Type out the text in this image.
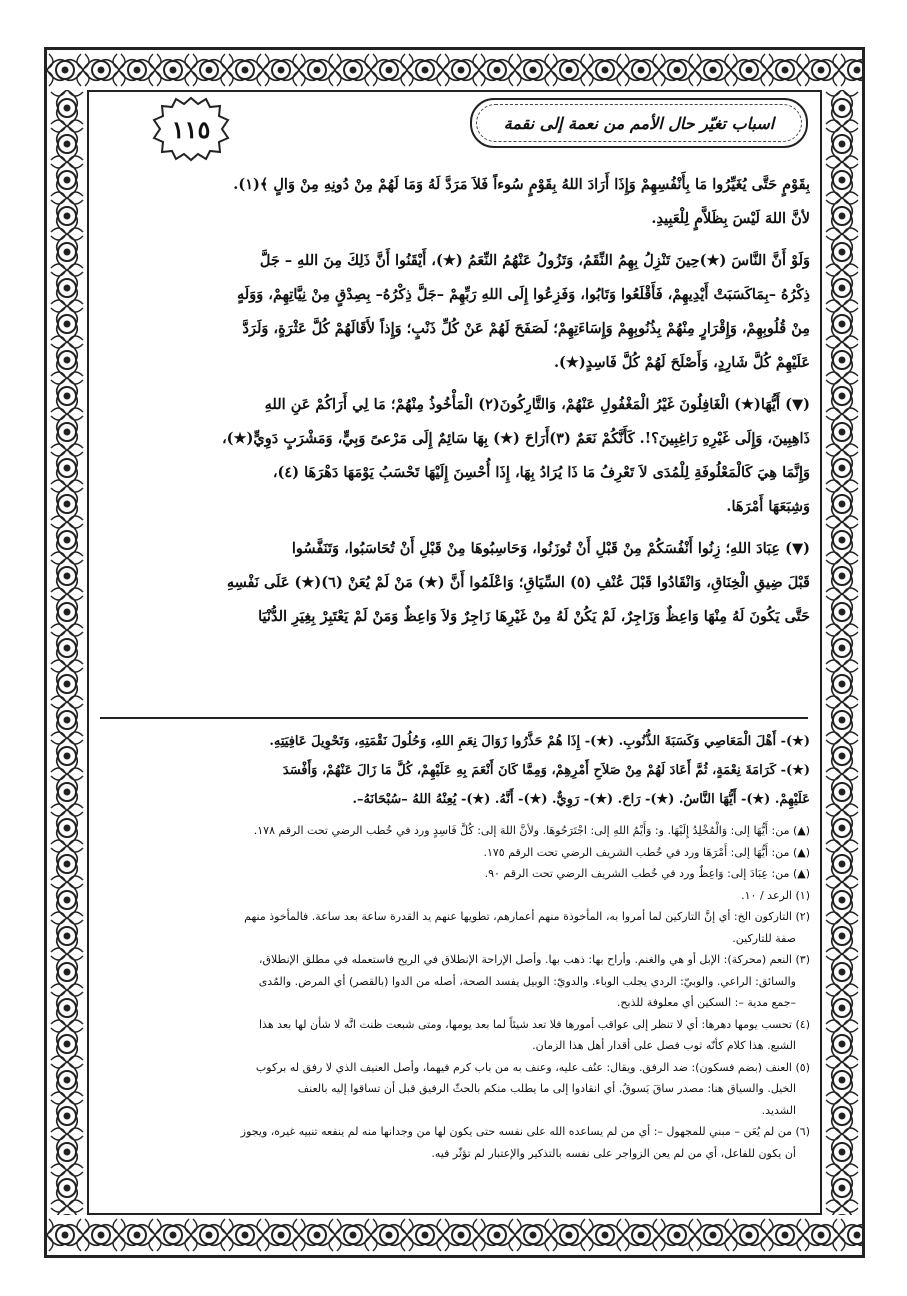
اسباب تغيّر حال الأمم من نعمة إلى نقمة
١١٥
بِقَوْمٍ حَتَّى يُغَيِّرُوا مَا بِأَنْفُسِهِمْ وَإِذَا أَرَادَ اللهُ بِقَوْمٍ سُوءاً فَلاَ مَرَدَّ لَهُ وَمَا لَهُمْ مِنْ دُونِهِ مِنْ وَالٍ ﴾(١).
لأنَّ اللهَ لَيْسَ بِظَلاَّمٍ لِلْعَبِيدِ.
وَلَوْ أَنَّ النَّاسَ (★)حِينَ تَنْزِلُ بِهِمُ النِّقَمُ، وَتَزُولُ عَنْهُمُ النِّعَمُ (★)، أَيْقَنُوا أَنَّ ذَلِكَ مِنَ اللهِ – جَلَّ
ذِكْرُهُ –بِمَاكَسَبَتْ أَيْدِيهِمْ، فَأَقْلَعُوا وَتَابُوا، وَفَزِعُوا إِلَى اللهِ رَبِّهِمْ –جَلَّ ذِكْرُهُ– بِصِدْقٍ مِنْ نِيَّاتِهِمْ، وَوَلَهٍ
مِنْ قُلُوبِهِمْ، وَإِقْرَارٍ مِنْهُمْ بِذُنُوبِهِمْ وَإِسَاءَتِهِمْ؛ لَصَفَحَ لَهُمْ عَنْ كُلِّ ذَنْبٍ؛ وَإِذاً لأَقَالَهُمْ كُلَّ عَثْرَةٍ، وَلَرَدَّ
عَلَيْهِمْ كُلَّ شَارِدٍ، وَأَصْلَحَ لَهُمْ كُلَّ فَاسِدٍ(★).
(▼) أَيُّهَا(★) الْغَافِلُونَ غَيْرُ الْمَغْفُولِ عَنْهُمْ، وَالتَّارِكُونَ(٢) الْمَأْخُوذُ مِنْهُمْ؛ مَا لِي أَرَاكُمْ عَنِ اللهِ
ذَاهِبِينَ، وَإِلَى غَيْرِهِ رَاغِبِينَ؟!. كَأَنَّكُمْ نَعَمٌ (٣)أَرَاحَ (★) بِهَا سَائِمٌ إِلَى مَرْعىً وَبِيٍّ، وَمَشْرَبٍ دَوِيٍّ(★)،
وَإِنَّمَا هِيَ كَالْمَعْلُوفَةِ لِلْمُدَى لاَ تَعْرِفُ مَا ذَا يُرَادُ بِهَا، إِذَا أُحْسِنَ إِلَيْهَا تَحْسَبُ يَوْمَهَا دَهْرَهَا (٤)،
وَشِبَعَهَا أَمْرَهَا.
(▼) عِبَادَ اللهِ؛ زِنُوا أَنْفُسَكُمْ مِنْ قَبْلِ أَنْ تُوزَنُوا، وَحَاسِبُوهَا مِنْ قَبْلِ أَنْ تُحَاسَبُوا، وَتَنَفَّسُوا
قَبْلَ ضِيقِ الْخِنَاقِ، وَانْقَادُوا قَبْلَ عُنْفِ (٥) السِّيَاقِ؛ وَاعْلَمُوا أَنَّ (★) مَنْ لَمْ يُعَنْ (٦)(★) عَلَى نَفْسِهِ
حَتَّى يَكُونَ لَهُ مِنْهَا وَاعِظٌ وَزَاجِرٌ، لَمْ يَكُنْ لَهُ مِنْ غَيْرِهَا زَاجِرٌ وَلاَ وَاعِظٌ وَمَنْ لَمْ يَعْتَبِرْ بِغِيَرِ الدُّنْيَا
(★)- أَهْلَ الْمَعَاصِي وَكَسَبَةَ الذُّنُوبِ. (★)- إِذَا هُمْ حَذَّرُوا زَوَالَ نِعَمِ اللهِ، وَحُلُولَ نَقْمَتِهِ، وَتَحْوِيلَ عَافِيَتِهِ.
(★)- كَرَامَةَ نِعْمَةٍ، ثُمَّ أَعَادَ لَهُمْ مِنْ صَلاَحِ أَمْرِهِمْ، وَمِمَّا كَانَ أَنْعَمَ بِهِ عَلَيْهِمْ، كُلَّ مَا زَالَ عَنْهُمْ، وَأَفْسَدَ
عَلَيْهِمْ. (★)- أَيُّهَا النَّاسُ. (★)- رَاحَ. (★)- رَوِيٌّ. (★)- أَنَّهُ. (★)- يُعِنْهُ اللهُ –سُبْحَانَهُ–.
(▲) من: أَيُّهَا إلى: وَالْمُخْلِدُ إِلَيْهَا. و: وَأَيْمُ اللهِ إلى: اجْتَرَحُوهَا. ولأنَّ اللهَ إلى: كُلَّ فَاسِدٍ ورد في خُطب الرضي تحت الرقم ١٧٨.
(▲) من: أَيُّهَا إلى: أَمْرَهَا ورد في خُطب الشريف الرضي تحت الرقم ١٧٥.
(▲) من: عِبَادَ إلى: وَاعِظٌ ورد في خُطب الشريف الرضي تحت الرقم ٩٠.
(١) الرعد / ١٠.
(٢) التاركون الخ: أي إنَّ التاركين لما أمروا به، المأخوذة منهم أعمارهم، تطويها عنهم يد القدرة ساعة بعد ساعة. فالمأخوذ منهم
صفة للتاركين.
(٣) النعم (محركة): الإبل أو هي والغنم. وأراح بها: ذهب بها. وأصل الإراحة الإنطلاق في الريح فاستعمله في مطلق الإنطلاق،
والسائق: الراعي. والوبيّ: الردي يجلب الوباء. والدويّ: الوبيل يفسد الصحة، أصله من الدوا (بالقصر) أي المرض. والمُدى
–جمع مدية –: السكين أي معلوفة للذبح.
(٤) تحسب يومها دهرها: أي لا تنظر إلى عواقب أمورها فلا تعد شيئاً لما بعد يومها، ومتى شبعت ظنت انَّه لا شأن لها بعد هذا
الشبع. هذا كلام كأنّه ثوب فصل على أقدار أهل هذا الزمان.
(٥) العنف (بضم فسكون): ضد الرفق. ويقال: عنُف عليه، وعنف به من باب كرم فيهما، وأصل العنيف الذي لا رفق له بركوب
الخيل. والسياق هنا: مصدر ساقَ يَسوقُ. أي انقادوا إلى ما يطلب منكم بالحثّ الرفيق قبل أن تساقوا إليه بالعنف
الشديد.
(٦) من لم يُعَن – مبني للمجهول –: أي من لم يساعده الله على نفسه حتى يكون لها من وجدانها منه لم ينفعه تنبيه غيره، ويجوز
أن يكون للفاعل، أي من لم يعن الزواجر على نفسه بالتذكير والإعتبار لم تؤثّر فيه.
